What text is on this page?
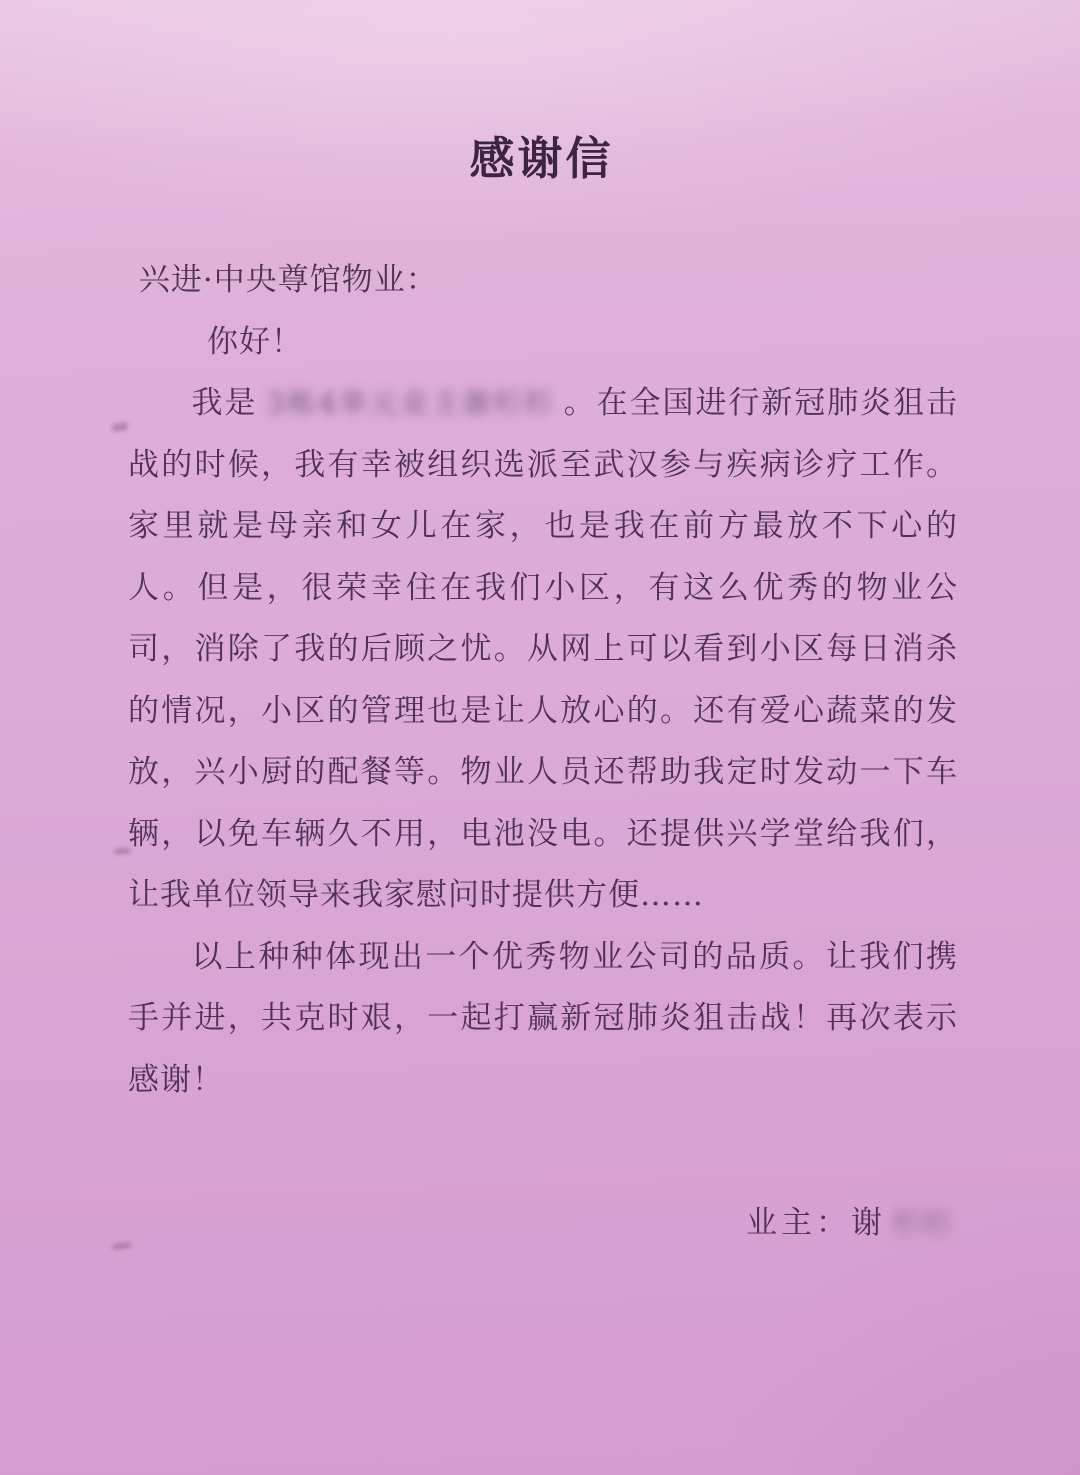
感谢信

兴进·中央尊馆物业：

你好！

我是 3栋4单元业主谢杉杉 。在全国进行新冠肺炎狙击战的时候，我有幸被组织选派至武汉参与疾病诊疗工作。家里就是母亲和女儿在家，也是我在前方最放不下心的人。但是，很荣幸住在我们小区，有这么优秀的物业公司，消除了我的后顾之忧。从网上可以看到小区每日消杀的情况，小区的管理也是让人放心的。还有爱心蔬菜的发放，兴小厨的配餐等。物业人员还帮助我定时发动一下车辆，以免车辆久不用，电池没电。还提供兴学堂给我们，让我单位领导来我家慰问时提供方便……

以上种种体现出一个优秀物业公司的品质。让我们携手并进，共克时艰，一起打赢新冠肺炎狙击战！再次表示感谢！

业主：谢 杉杉
